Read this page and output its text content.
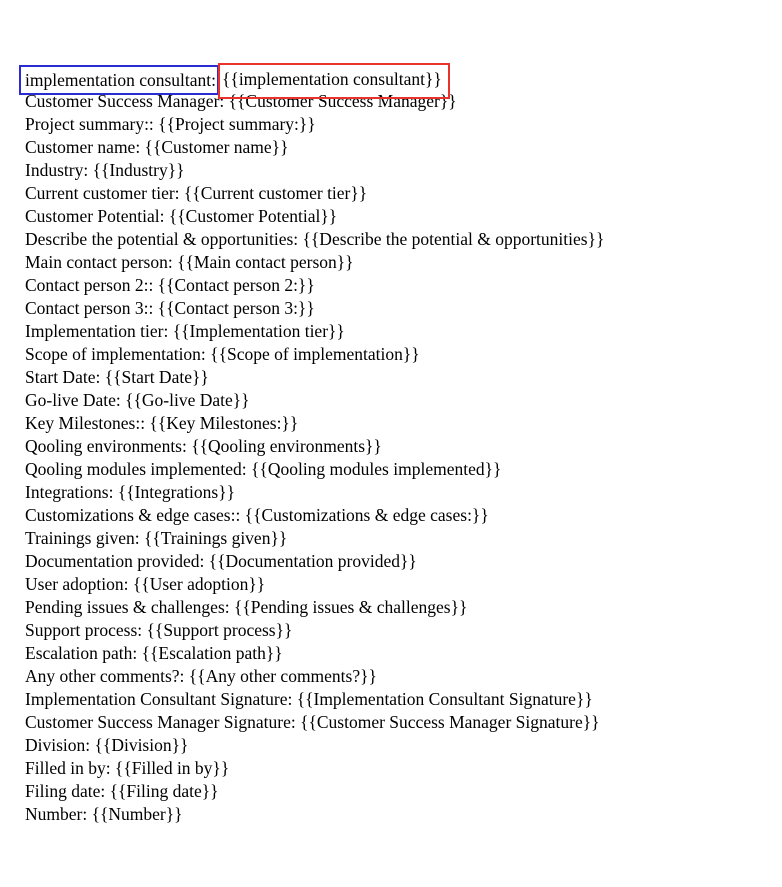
implementation consultant: {{implementation consultant}}
Customer Success Manager: {{Customer Success Manager}}
Project summary:: {{Project summary:}}
Customer name: {{Customer name}}
Industry: {{Industry}}
Current customer tier: {{Current customer tier}}
Customer Potential: {{Customer Potential}}
Describe the potential & opportunities: {{Describe the potential & opportunities}}
Main contact person: {{Main contact person}}
Contact person 2:: {{Contact person 2:}}
Contact person 3:: {{Contact person 3:}}
Implementation tier: {{Implementation tier}}
Scope of implementation: {{Scope of implementation}}
Start Date: {{Start Date}}
Go-live Date: {{Go-live Date}}
Key Milestones:: {{Key Milestones:}}
Qooling environments: {{Qooling environments}}
Qooling modules implemented: {{Qooling modules implemented}}
Integrations: {{Integrations}}
Customizations & edge cases:: {{Customizations & edge cases:}}
Trainings given: {{Trainings given}}
Documentation provided: {{Documentation provided}}
User adoption: {{User adoption}}
Pending issues & challenges: {{Pending issues & challenges}}
Support process: {{Support process}}
Escalation path: {{Escalation path}}
Any other comments?: {{Any other comments?}}
Implementation Consultant Signature: {{Implementation Consultant Signature}}
Customer Success Manager Signature: {{Customer Success Manager Signature}}
Division: {{Division}}
Filled in by: {{Filled in by}}
Filing date: {{Filing date}}
Number: {{Number}}
